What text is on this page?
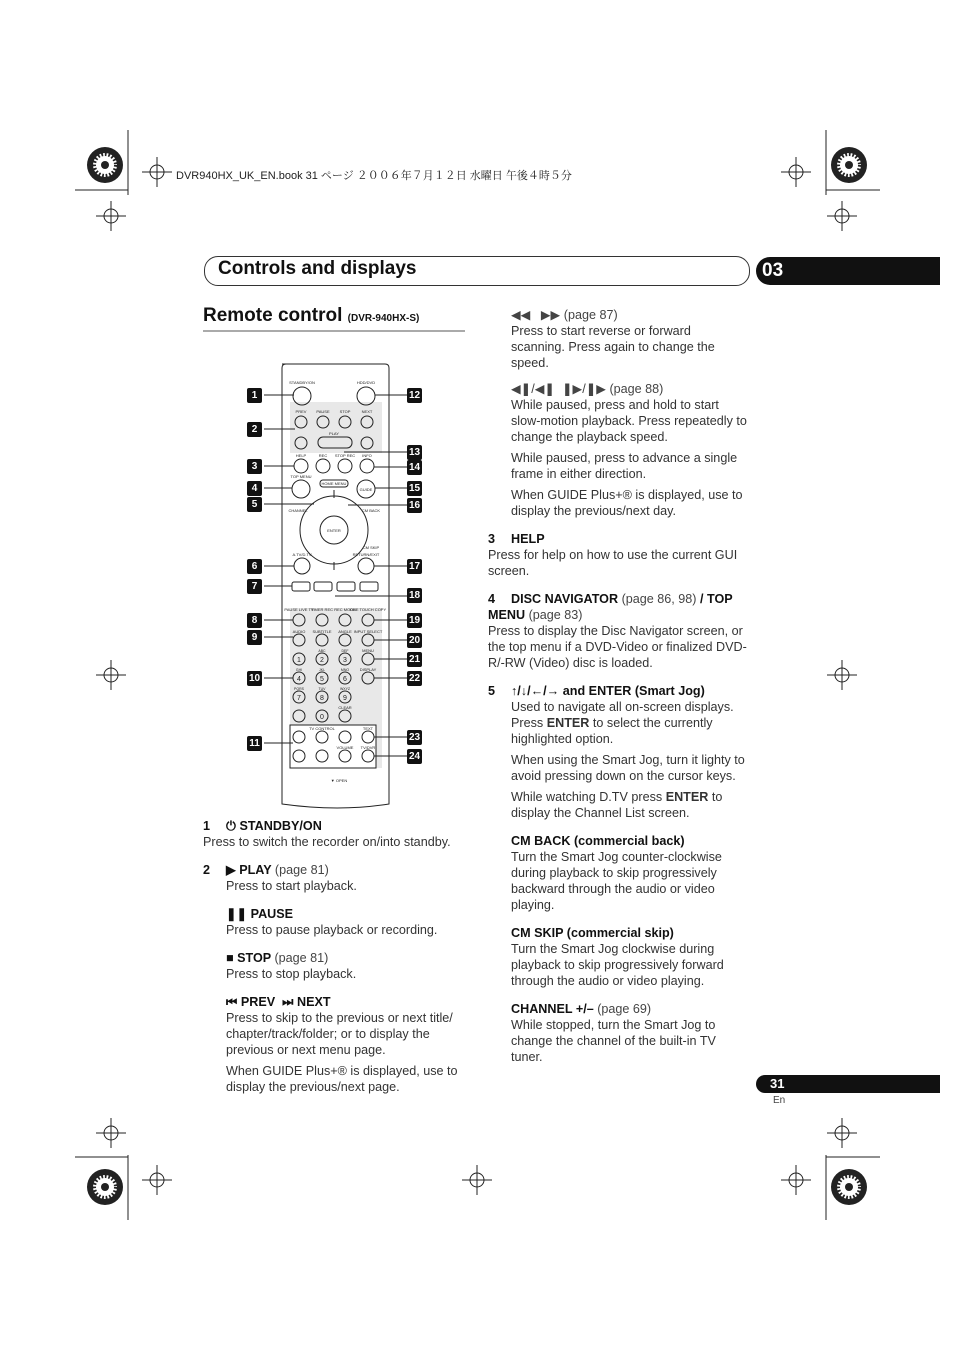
DVR940HX_UK_EN.book 31 ページ ２００６年７月１２日 水曜日 午後４時５分
Controls and displays	03
Remote control (DVR-940HX-S)
STANDBY/ON	HDD/DVD
PREV PAUSE STOP	NEXT
PLAY
HELP	REC STOP REC INFO
TOP MENU
HOME MENU
GUIDE
CHANNEL	CM BACK
CM SKIP
ENTER
A.TV/D.TV	RETURN/EXIT
PAUSE LIVE TV
TIMER REC REC MODE
ONE TOUCH COPY
AUDIO SUBTITLE ANGLE INPUT SELECT
MENU
DISPLAY
CLEAR
TV CONTROL
VOLUME
TEXT
TV/DVR
▼ OPEN
1	2	3
4	5	6
7	8	9
0
ABC	DEF
GHI	JKL	MNO
PQRS	TUV	WXYZ
1
2
3
4
5
6
7
8
9
10
11
12
13
14
15
16
17
18
19
20
21
22
23
24
1 ⏻ STANDBY/ON

Press to switch the recorder on/into standby.

2 ▶ PLAY (page 81)

Press to start playback.

❚❚ PAUSE

Press to pause playback or recording.

■ STOP (page 81)

Press to stop playback.

⏮ PREV ⏭ NEXT

Press to skip to the previous or next title/ chapter/track/folder; or to display the previous or next menu page.

When GUIDE Plus+® is displayed, use to display the previous/next page.

◀◀   ▶▶ (page 87)

Press to start reverse or forward scanning. Press again to change the speed.

◀❚/◀❚  ❚▶/❚▶ (page 88)

While paused, press and hold to start slow-motion playback. Press repeatedly to change the playback speed.

While paused, press to advance a single frame in either direction.

When GUIDE Plus+® is displayed, use to display the previous/next day.

3 HELP

Press for help on how to use the current GUI screen.

4 DISC NAVIGATOR (page 86, 98) / TOP MENU (page 83)

Press to display the Disc Navigator screen, or the top menu if a DVD-Video or finalized DVD-R/-RW (Video) disc is loaded.

5 ↑/↓/←/→ and ENTER (Smart Jog)

Used to navigate all on-screen displays. Press ENTER to select the currently highlighted option.

When using the Smart Jog, turn it lighty to avoid pressing down on the cursor keys.

While watching D.TV press ENTER to display the Channel List screen.

CM BACK (commercial back)

Turn the Smart Jog counter-clockwise during playback to skip progressively backward through the audio or video playing.

CM SKIP (commercial skip)

Turn the Smart Jog clockwise during playback to skip progressively forward through the audio or video playing.

CHANNEL +/– (page 69)

While stopped, turn the Smart Jog to change the channel of the built-in TV tuner.

31
En
